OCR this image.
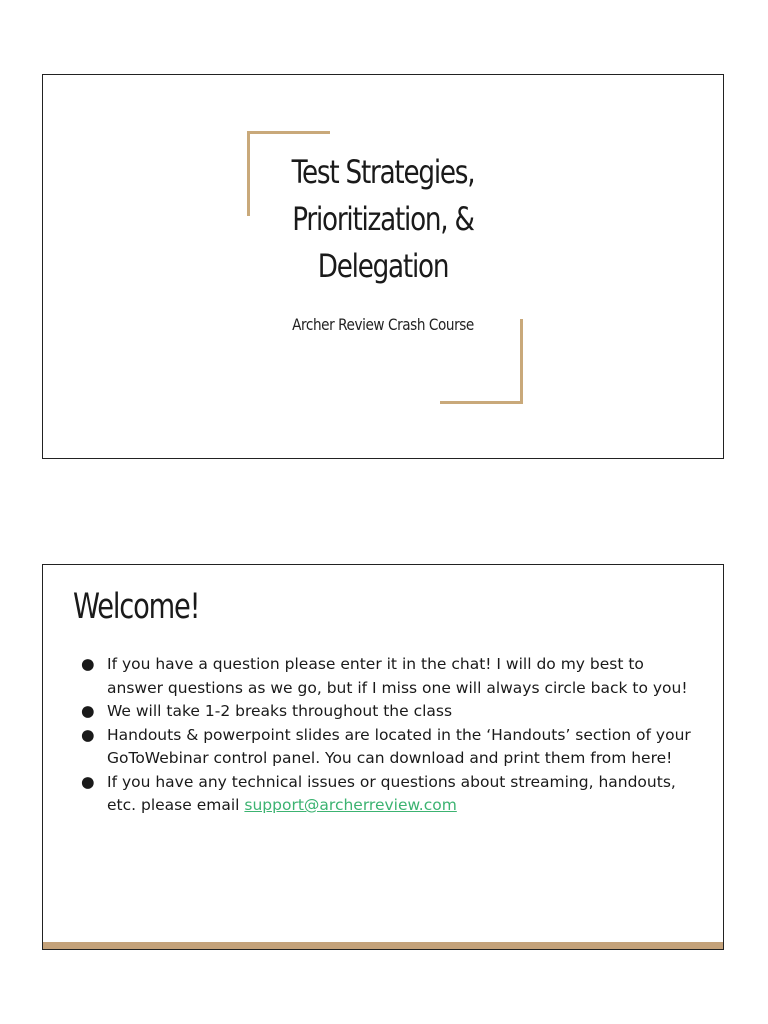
Test Strategies,
Prioritization, &
Delegation
Archer Review Crash Course
Welcome!
● If you have a question please enter it in the chat! I will do my best to answer questions as we go, but if I miss one will always circle back to you!
● We will take 1-2 breaks throughout the class
● Handouts & powerpoint slides are located in the ‘Handouts’ section of your GoToWebinar control panel. You can download and print them from here!
● If you have any technical issues or questions about streaming, handouts, etc. please email support@archerreview.com
